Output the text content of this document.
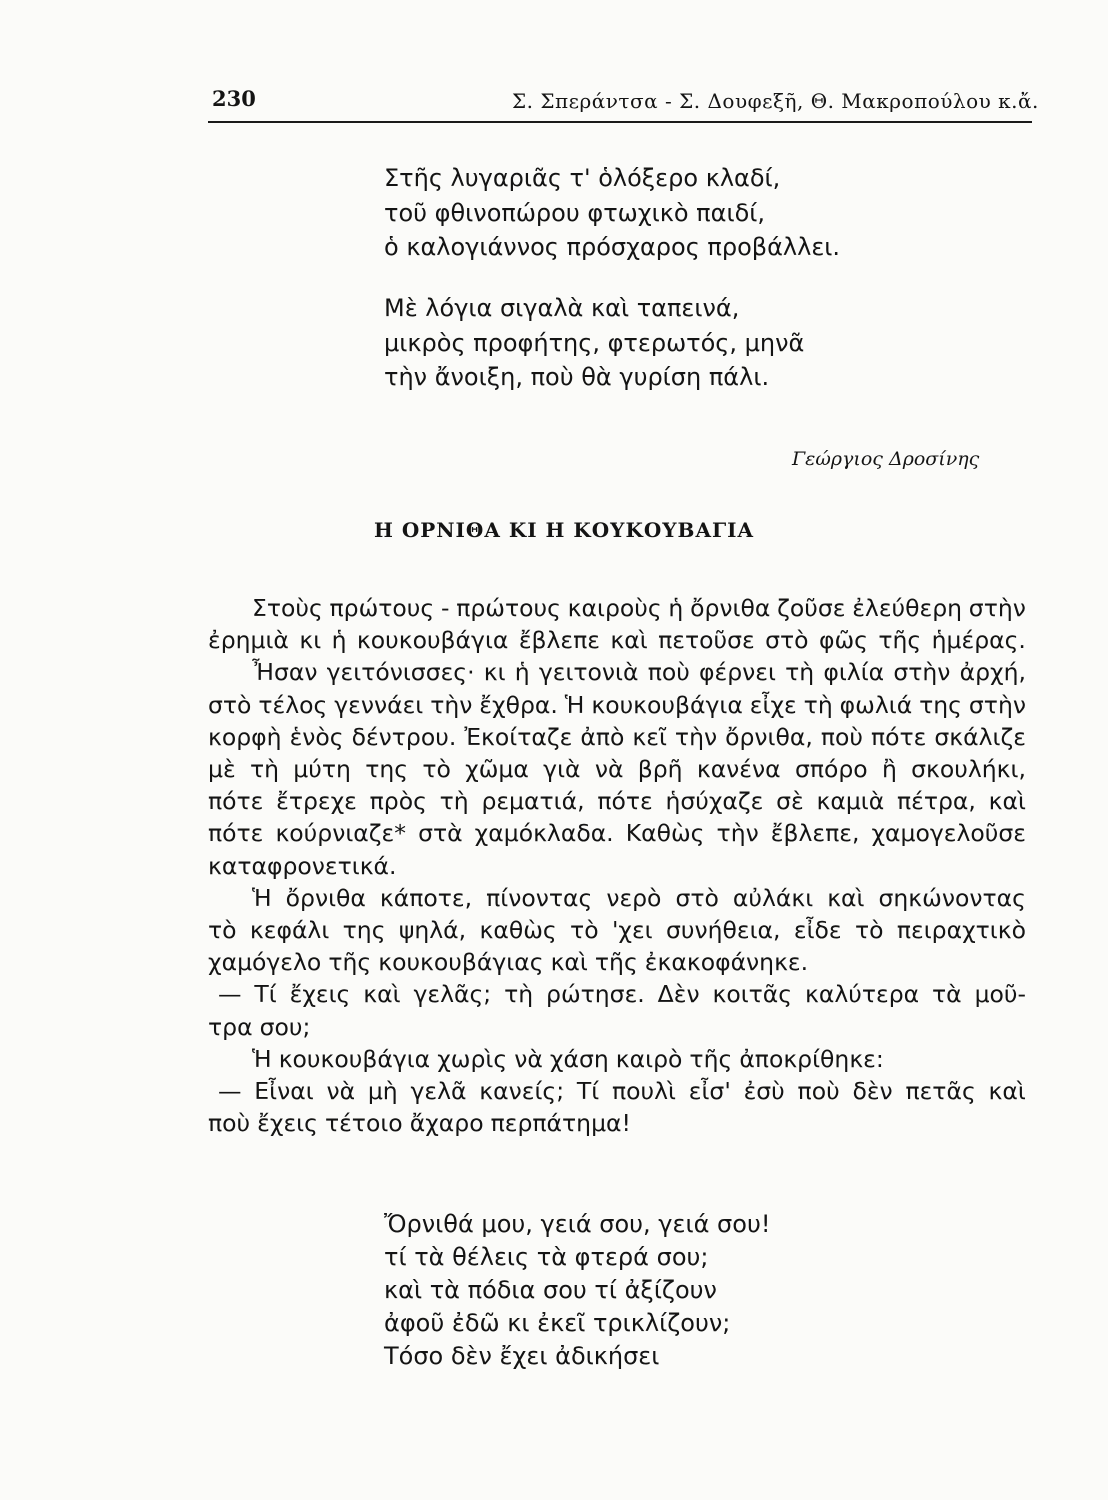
230	Σ. Σπεράντσα - Σ. Δουφεξῆ, Θ. Μακροπούλου κ.ἄ.
Στῆς λυγαριᾶς τ' ὁλόξερο κλαδί,
τοῦ φθινοπώρου φτωχικὸ παιδί,
ὁ καλογιάννος πρόσχαρος προβάλλει.
Μὲ λόγια σιγαλὰ καὶ ταπεινά,
μικρὸς προφήτης, φτερωτός, μηνᾶ
τὴν ἄνοιξη, ποὺ θὰ γυρίση πάλι.
Γεώργιος Δροσίνης
Η ΟΡΝΙΘΑ ΚΙ Η ΚΟΥΚΟΥΒΑΓΙΑ
Στοὺς πρώτους - πρώτους καιροὺς ἡ ὄρνιθα ζοῦσε ἐλεύθερη στὴν
ἐρημιὰ κι ἡ κουκουβάγια ἔβλεπε καὶ πετοῦσε στὸ φῶς τῆς ἡμέρας.
Ἦσαν γειτόνισσες· κι ἡ γειτονιὰ ποὺ φέρνει τὴ φιλία στὴν ἀρχή,
στὸ τέλος γεννάει τὴν ἔχθρα. Ἡ κουκουβάγια εἶχε τὴ φωλιά της στὴν
κορφὴ ἑνὸς δέντρου. Ἐκοίταζε ἀπὸ κεῖ τὴν ὄρνιθα, ποὺ πότε σκάλιζε
μὲ τὴ μύτη της τὸ χῶμα γιὰ νὰ βρῆ κανένα σπόρο ἢ σκουλήκι,
πότε ἔτρεχε πρὸς τὴ ρεματιά, πότε ἡσύχαζε σὲ καμιὰ πέτρα, καὶ
πότε κούρνιαζε* στὰ χαμόκλαδα. Καθὼς τὴν ἔβλεπε, χαμογελοῦσε
καταφρονετικά.
Ἡ ὄρνιθα κάποτε, πίνοντας νερὸ στὸ αὐλάκι καὶ σηκώνοντας
τὸ κεφάλι της ψηλά, καθὼς τὸ 'χει συνήθεια, εἶδε τὸ πειραχτικὸ
χαμόγελο τῆς κουκουβάγιας καὶ τῆς ἐκακοφάνηκε.
— Τί ἔχεις καὶ γελᾶς; τὴ ρώτησε. Δὲν κοιτᾶς καλύτερα τὰ μοῦ-
τρα σου;
Ἡ κουκουβάγια χωρὶς νὰ χάση καιρὸ τῆς ἀποκρίθηκε:
— Εἶναι νὰ μὴ γελᾶ κανείς; Τί πουλὶ εἶσ' ἐσὺ ποὺ δὲν πετᾶς καὶ
ποὺ ἔχεις τέτοιο ἄχαρο περπάτημα!
Ὄρνιθά μου, γειά σου, γειά σου!
τί τὰ θέλεις τὰ φτερά σου;
καὶ τὰ πόδια σου τί ἀξίζουν
ἀφοῦ ἐδῶ κι ἐκεῖ τρικλίζουν;
Τόσο δὲν ἔχει ἀδικήσει
